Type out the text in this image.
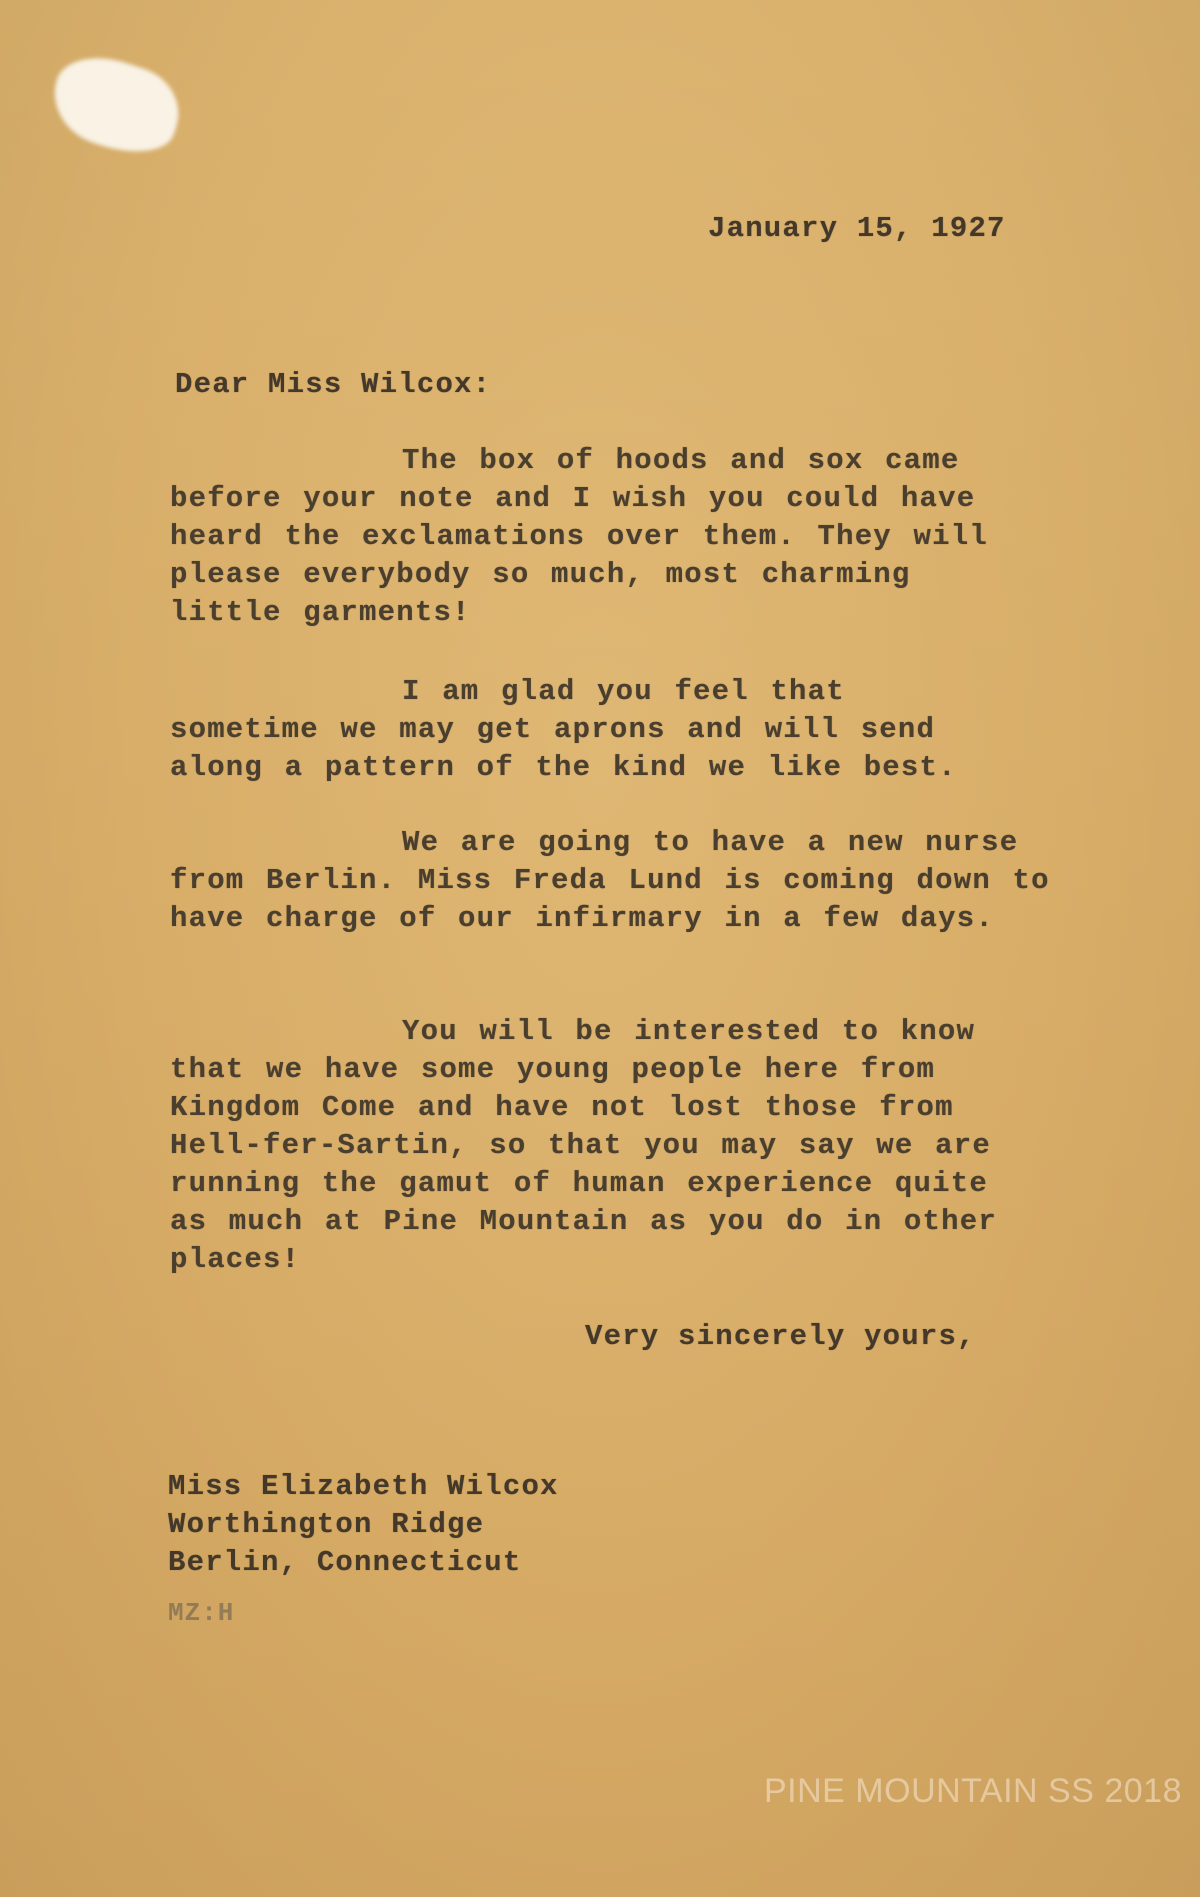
January 15, 1927
Dear Miss Wilcox:
The box of hoods and sox came before your note and I wish you could have heard the exclamations over them. They will please everybody so much, most charming little garments!
I am glad you feel that sometime we may get aprons and will send along a pattern of the kind we like best.
We are going to have a new nurse from Berlin. Miss Freda Lund is coming down to have charge of our infirmary in a few days.
You will be interested to know that we have some young people here from Kingdom Come and have not lost those from Hell-fer-Sartin, so that you may say we are running the gamut of human experience quite as much at Pine Mountain as you do in other places!
Very sincerely yours,
Miss Elizabeth Wilcox
Worthington Ridge
Berlin, Connecticut
MZ:H
PINE MOUNTAIN SS 2018
